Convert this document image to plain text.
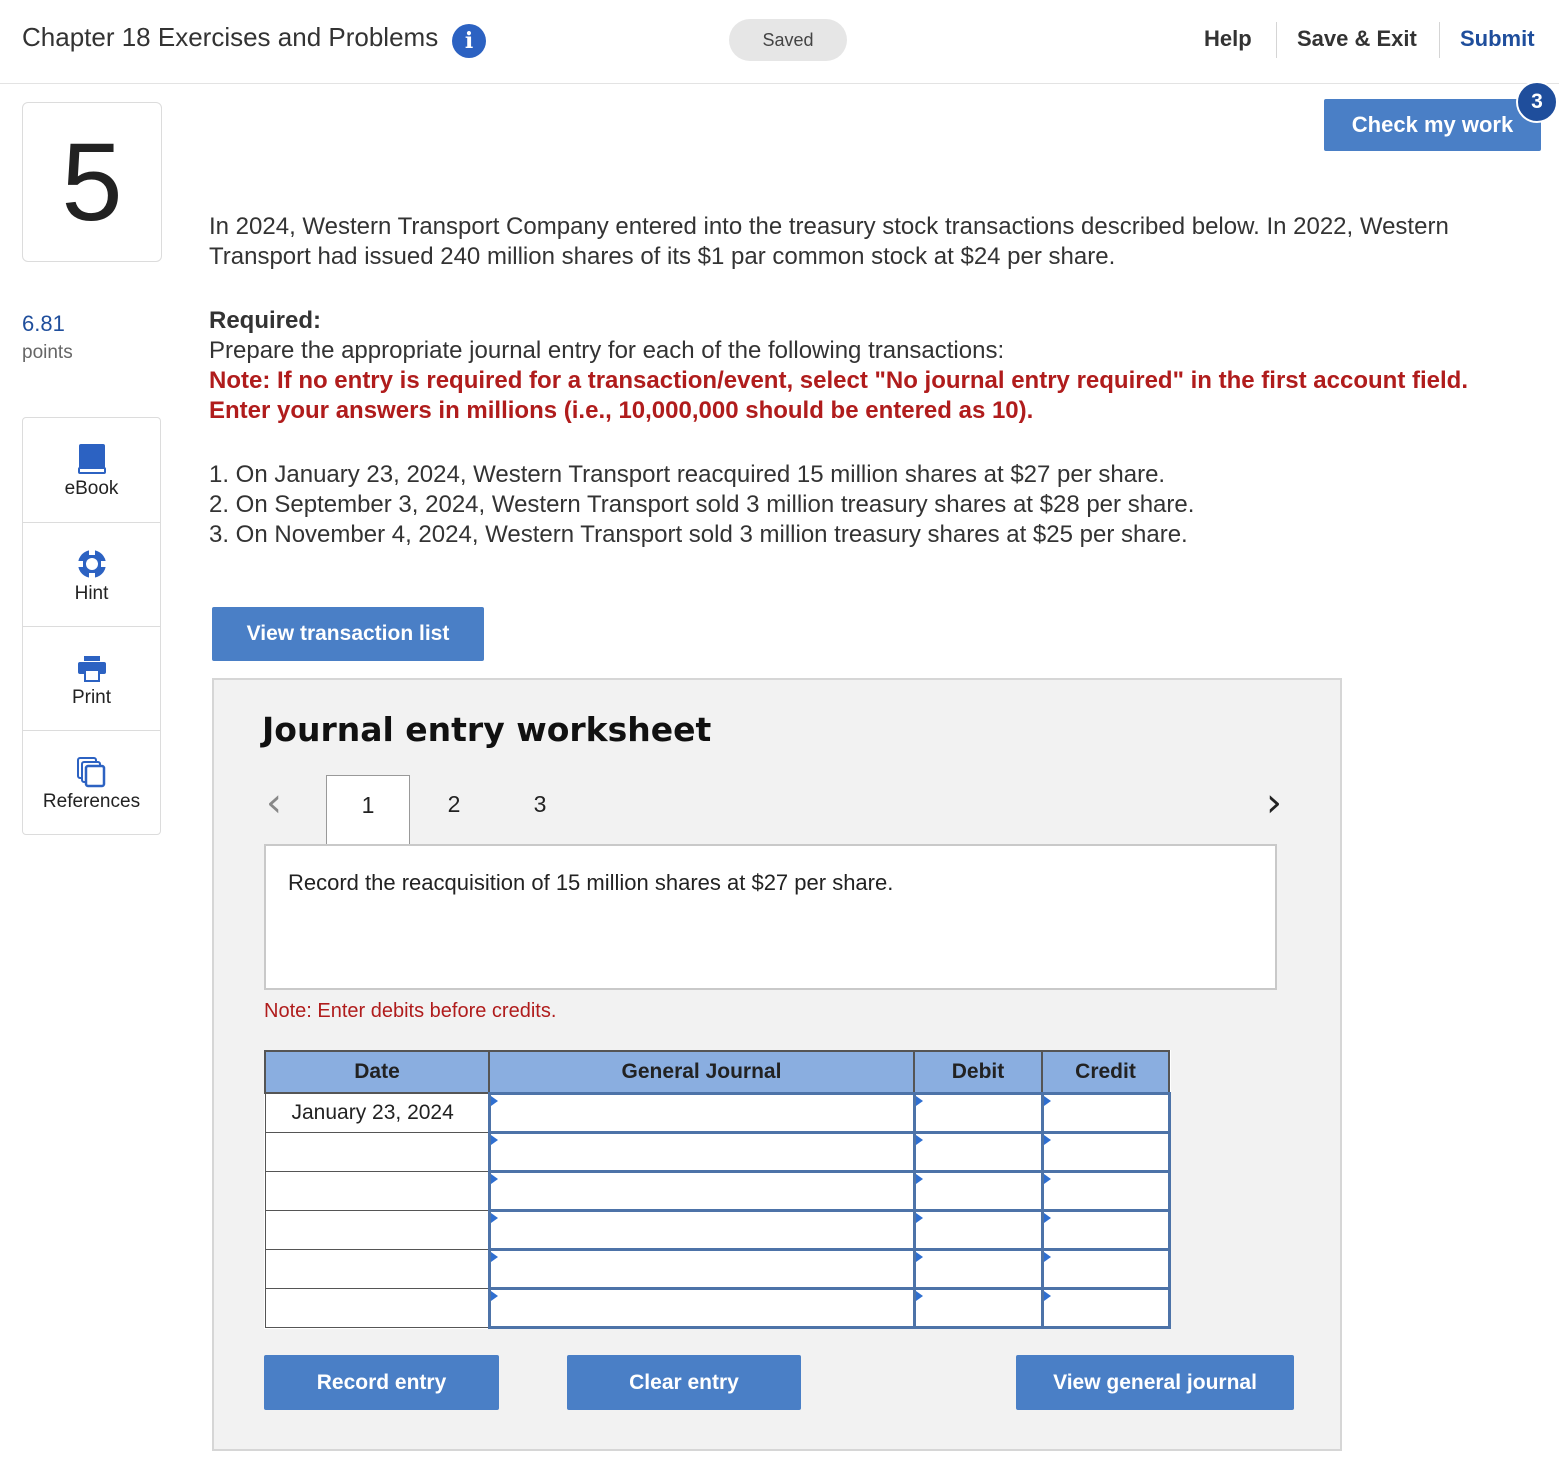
Chapter 18 Exercises and Problems	i	Saved	Help Save & Exit Submit
Check my work
3
5
6.81
points
eBook
Hint
Print
References
In 2024, Western Transport Company entered into the treasury stock transactions described below. In 2022, Western Transport had issued 240 million shares of its $1 par common stock at $24 per share.
Required:
Prepare the appropriate journal entry for each of the following transactions:
Note: If no entry is required for a transaction/event, select "No journal entry required" in the first account field. Enter your answers in millions (i.e., 10,000,000 should be entered as 10).
1. On January 23, 2024, Western Transport reacquired 15 million shares at $27 per share.
2. On September 3, 2024, Western Transport sold 3 million treasury shares at $28 per share.
3. On November 4, 2024, Western Transport sold 3 million treasury shares at $25 per share.
View transaction list
Journal entry worksheet
‹	1	2	3	›
Record the reacquisition of 15 million shares at $27 per share.
Note: Enter debits before credits.
Date	General Journal	Debit	Credit
January 23, 2024			

Record entry	Clear entry	View general journal
